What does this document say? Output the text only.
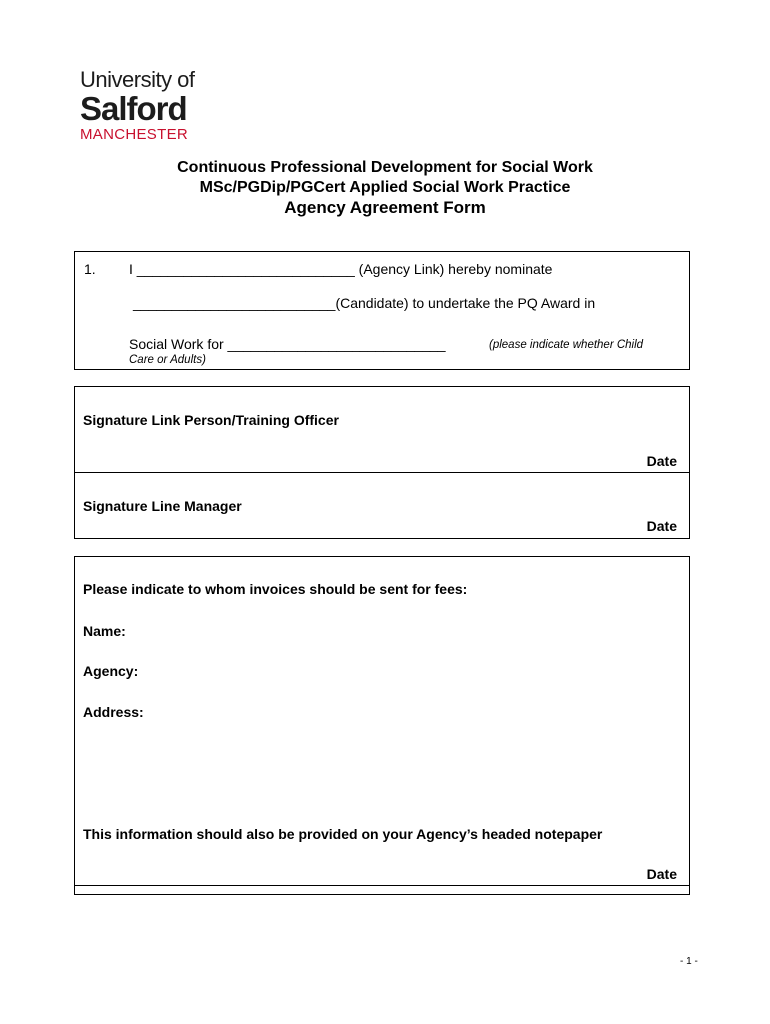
University of
Salford
MANCHESTER
Continuous Professional Development for Social Work
MSc/PGDip/PGCert Applied Social Work Practice
Agency Agreement Form
1. I ____________________________ (Agency Link) hereby nominate
__________________________(Candidate) to undertake the PQ Award in
Social Work for ____________________________	(please indicate whether Child
Care or Adults)
Signature Link Person/Training Officer
Date
Signature Line Manager
Date
Please indicate to whom invoices should be sent for fees:
Name:
Agency:
Address:
This information should also be provided on your Agency’s headed notepaper
Date
- 1 -
